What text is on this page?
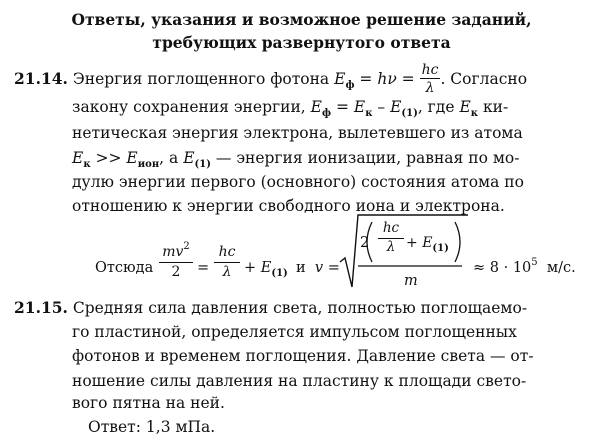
Ответы, указания и возможное решение заданий,
требующих развернутого ответа
21.14. Энергия поглощенного фотона $E_ф = h\nu = \frac{hc}{\lambda}$ . Согласно
закону сохранения энергии, $E_ф = E_к - E_{(1)}$, где $E_к$ ки-
нетическая энергия электрона, вылетевшего из атома
$E_к >> E_{ион}$, а $E_{(1)}$ — энергия ионизации, равная по мо-
дулю энергии первого (основного) состояния атома по
отношению к энергии свободного иона и электрона.
Отсюда $\frac{mv^2}{2} = \frac{hc}{\lambda} + E_{(1)}$ и v =
$2 \frac{hc}{\lambda} + E_{(1)}$
m
≈ $8 \cdot 10^5$ м/с.
21.15. Средняя сила давления света, полностью поглощаемо-
го пластиной, определяется импульсом поглощенных
фотонов и временем поглощения. Давление света — от-
ношение силы давления на пластину к площади свето-
вого пятна на ней.
Ответ: 1,3 мПа.
